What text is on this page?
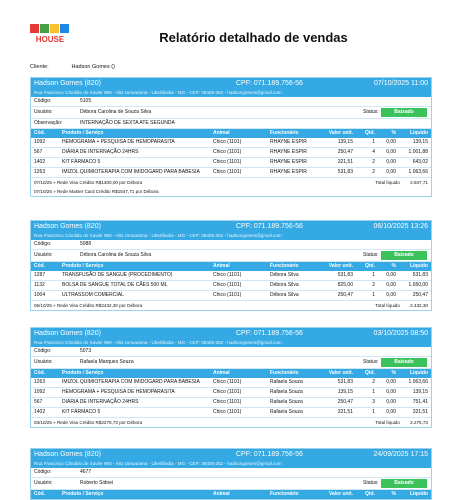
HOUSE	Relatório detalhado de vendas
Cliente:	Hadson Gomes ()
Hadson Gomes (820)	CPF: 071.189.756-56	07/10/2025 11:00
Rua Francisco Cândido de Xavier 960 - Alto Umuarama - Uberlândia - MG - CEP: 38405-352 - hadsongomes@gmail.com
Código:	5105
Usuário:	Débora Carolina de Souza Silva	Status:	Baixado
Observação:	INTERNAÇÃO DE SEXTA ATE SEGUNDA
Cód.	Produto / Serviço	Animal	Funcionário	Valor unit. Qtd.	%	Líquido
1092	HEMOGRAMA + PESQUISA DE HEMOPARASITA	Chico (1101)	RHAYNE ESPIR	139,15	1 0,00	139,15
567	DIÁRIA DE INTERNAÇÃO 24HRS	Chico (1101)	RHAYNE ESPIR	250,47	4 0,00	1.001,88
1402	KIT FÁRMACO 5	Chico (1101)	RHAYNE ESPIR	321,51	2 0,00	643,02
1263	IMIZOL QUIMIOTERAPIA COM IMIDOGARD PARA BABESIA	Chico (1101)	RHAYNE ESPIR	531,83	2 0,00	1.063,66
07/10/25 » Rede Visa Crédito R$1300,00 por Débora	Total líquido        2.847,71
07/10/25 » Rede Master Card Crédito R$1547,71 por Débora
Hadson Gomes (820)	CPF: 071.189.756-56	06/10/2025 13:26
Rua Francisco Cândido de Xavier 960 - Alto Umuarama - Uberlândia - MG - CEP: 38405-352 - hadsongomes@gmail.com
Código:	5088
Usuário:	Débora Carolina de Souza Silva	Status:	Baixado
Cód.	Produto / Serviço	Animal	Funcionário	Valor unit. Qtd.	%	Líquido
1287	TRANSFUSÃO DE SANGUE (PROCEDIMENTO)	Chico (1101)	Débora Silva	531,83	1 0,00	531,83
1132	BOLSA DE SANGUE TOTAL DE CÃES 500 ML	Chico (1101)	Débora Silva	825,00	2 0,00	1.650,00
1004	ULTRASSOM COMERCIAL	Chico (1101)	Débora Silva	250,47	1 0,00	250,47
06/10/25 » Rede Visa Crédito R$2432,30 por Débora	Total líquido        2.432,30
Hadson Gomes (820)	CPF: 071.189.756-56	03/10/2025 08:50
Rua Francisco Cândido de Xavier 960 - Alto Umuarama - Uberlândia - MG - CEP: 38405-352 - hadsongomes@gmail.com
Código:	5073
Usuário:	Rafaela Marques Souza	Status:	Baixado
Cód.	Produto / Serviço	Animal	Funcionário	Valor unit. Qtd.	%	Líquido
1263	IMIZOL QUIMIOTERAPIA COM IMIDOGARD PARA BABESIA	Chico (1101)	Rafaela Souza	531,83	2 0,00	1.063,66
1092	HEMOGRAMA + PESQUISA DE HEMOPARASITA	Chico (1101)	Rafaela Souza	139,15	1 0,00	139,15
567	DIÁRIA DE INTERNAÇÃO 24HRS	Chico (1101)	Rafaela Souza	250,47	3 0,00	751,41
1402	KIT FÁRMACO 5	Chico (1101)	Rafaela Souza	321,51	1 0,00	321,51
03/10/25 » Rede Visa Crédito R$2275,73 por Débora	Total líquido        2.275,73
Hadson Gomes (820)	CPF: 071.189.756-56	24/09/2025 17:15
Rua Francisco Cândido de Xavier 960 - Alto Umuarama - Uberlândia - MG - CEP: 38405-352 - hadsongomes@gmail.com
Código:	4677
Usuário:	Roberto Sidnei	Status:	Baixado
Cód.	Produto / Serviço	Animal	Funcionário	Valor unit. Qtd.	%	Líquido
